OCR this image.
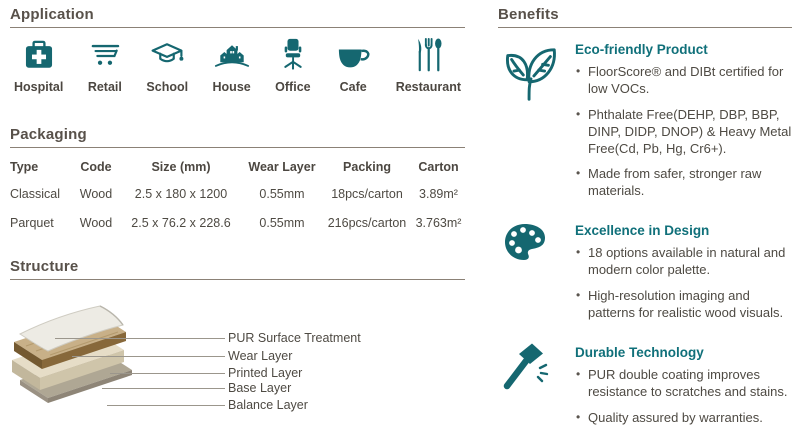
Application
Hospital Retail School House Office Cafe Restaurant
Packaging
Type	Code	Size (mm)	Wear Layer	Packing	Carton
Classical	Wood	2.5 x 180 x 1200	0.55mm	18pcs/carton	3.89m²
Parquet	Wood	2.5 x 76.2 x 228.6	0.55mm	216pcs/carton	3.763m²
Structure
PUR Surface Treatment
Wear Layer
Printed Layer
Base Layer
Balance Layer
Benefits
Eco-friendly Product
• FloorScore® and DIBt certified for low VOCs.
• Phthalate Free(DEHP, DBP, BBP, DINP, DIDP, DNOP) & Heavy Metal Free(Cd, Pb, Hg, Cr6+).
• Made from safer, stronger raw materials.
Excellence in Design
• 18 options available in natural and modern color palette.
• High-resolution imaging and patterns for realistic wood visuals.
Durable Technology
• PUR double coating improves resistance to scratches and stains.
• Quality assured by warranties.
